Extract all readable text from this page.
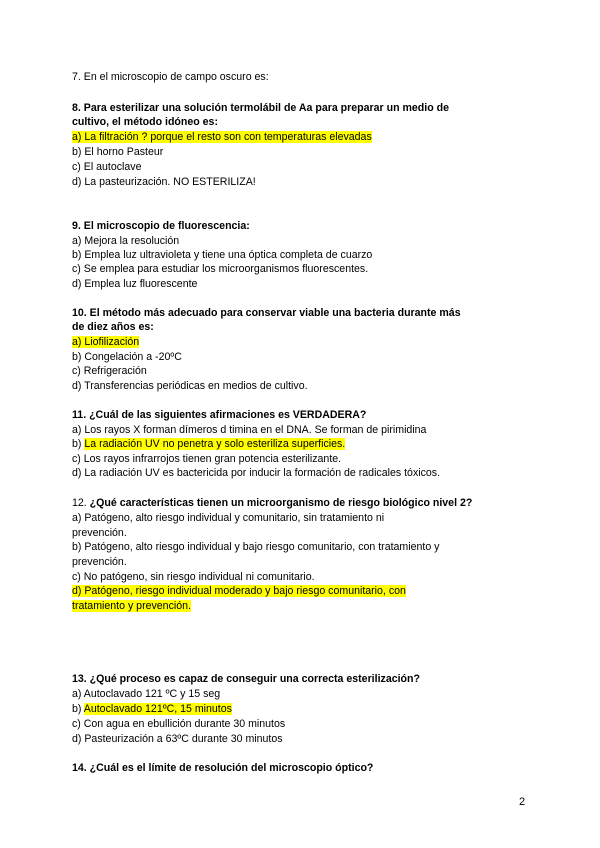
7. En el microscopio de campo oscuro es:
8. Para esterilizar una solución termolábil de Aa para preparar un medio de
cultivo, el método idóneo es:
a) La filtración ? porque el resto son con temperaturas elevadas
b) El horno Pasteur
c) El autoclave
d) La pasteurización. NO ESTERILIZA!
9. El microscopio de fluorescencia:
a) Mejora la resolución
b) Emplea luz ultravioleta y tiene una óptica completa de cuarzo
c) Se emplea para estudiar los microorganismos fluorescentes.
d) Emplea luz fluorescente
10. El método más adecuado para conservar viable una bacteria durante más
de diez años es:
a) Liofilización
b) Congelación a -20ºC
c) Refrigeración
d) Transferencias periódicas en medios de cultivo.
11. ¿Cuál de las siguientes afirmaciones es VERDADERA?
a) Los rayos X forman dímeros d timina en el DNA. Se forman de pirimidina
b) La radiación UV no penetra y solo esteriliza superficies.
c) Los rayos infrarrojos tienen gran potencia esterilizante.
d) La radiación UV es bactericida por inducir la formación de radicales tóxicos.
12. ¿Qué características tienen un microorganismo de riesgo biológico nivel 2?
a) Patógeno, alto riesgo individual y comunitario, sin tratamiento ni
prevención.
b) Patógeno, alto riesgo individual y bajo riesgo comunitario, con tratamiento y
prevención.
c) No patógeno, sin riesgo individual ni comunitario.
d) Patógeno, riesgo individual moderado y bajo riesgo comunitario, con
tratamiento y prevención.
13. ¿Qué proceso es capaz de conseguir una correcta esterilización?
a) Autoclavado 121 ºC y 15 seg
b) Autoclavado 121ºC, 15 minutos
c) Con agua en ebullición durante 30 minutos
d) Pasteurización a 63ºC durante 30 minutos
14. ¿Cuál es el límite de resolución del microscopio óptico?
2
